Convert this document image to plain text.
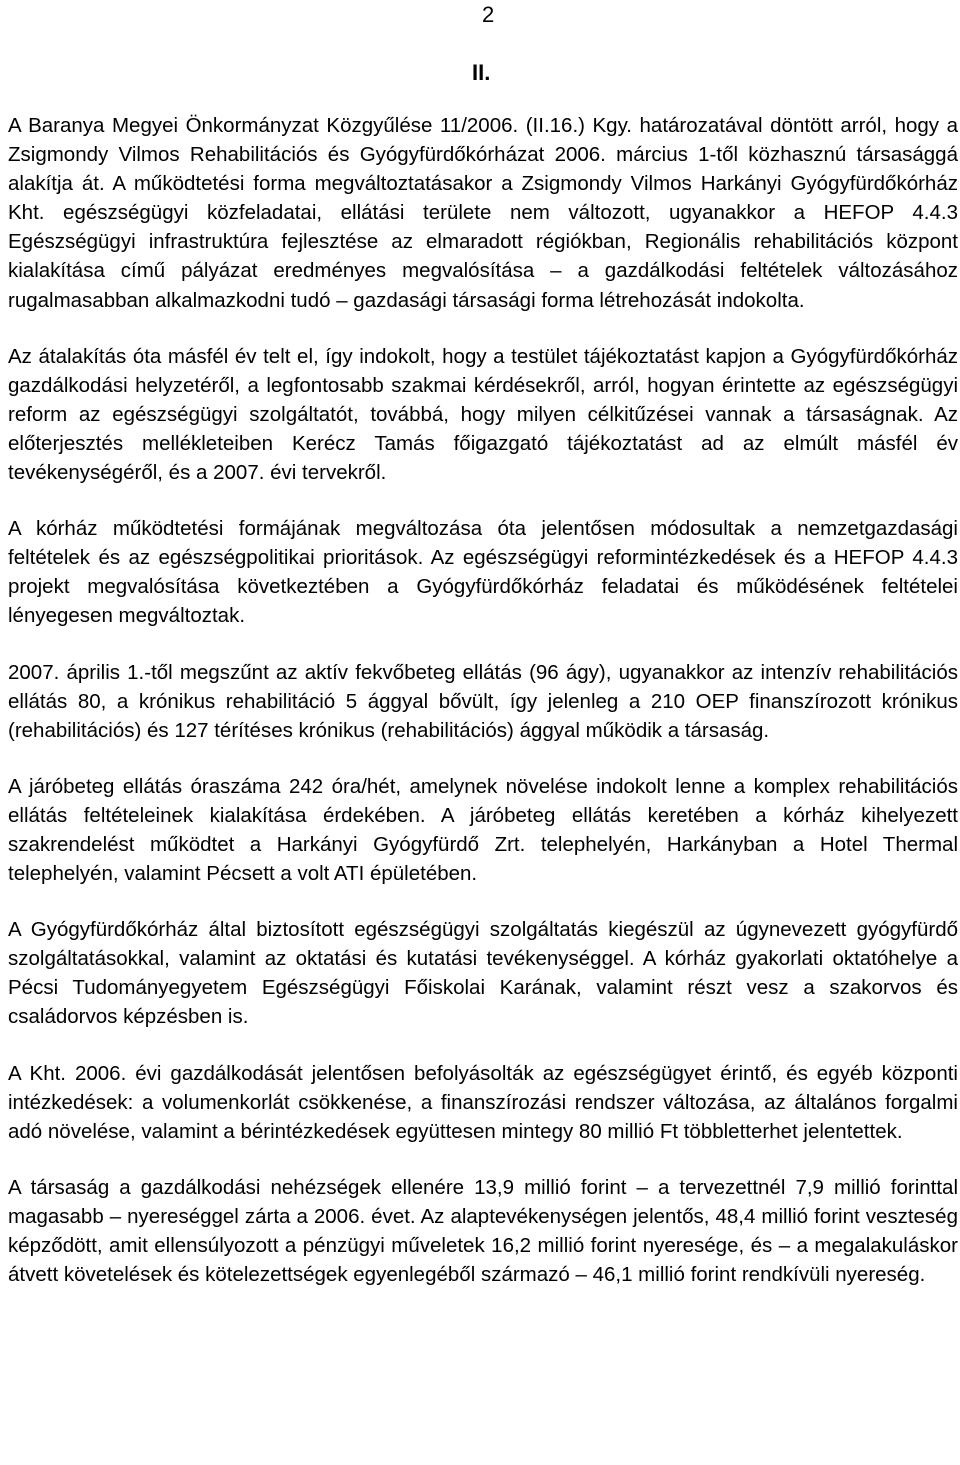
2
II.

A Baranya Megyei Önkormányzat Közgyűlése 11/2006. (II.16.) Kgy. határozatával döntött arról, hogy a Zsigmondy Vilmos Rehabilitációs és Gyógyfürdőkórházat 2006. március 1-től közhasznú társasággá alakítja át. A működtetési forma megváltoztatásakor a Zsigmondy Vilmos Harkányi Gyógyfürdőkórház Kht. egészségügyi közfeladatai, ellátási területe nem változott, ugyanakkor a HEFOP 4.4.3 Egészségügyi infrastruktúra fejlesztése az elmaradott régiókban, Regionális rehabilitációs központ kialakítása című pályázat eredményes megvalósítása – a gazdálkodási feltételek változásához rugalmasabban alkalmazkodni tudó – gazdasági társasági forma létrehozását indokolta.

Az átalakítás óta másfél év telt el, így indokolt, hogy a testület tájékoztatást kapjon a Gyógyfürdőkórház gazdálkodási helyzetéről, a legfontosabb szakmai kérdésekről, arról, hogyan érintette az egészségügyi reform az egészségügyi szolgáltatót, továbbá, hogy milyen célkitűzései vannak a társaságnak. Az előterjesztés mellékleteiben Kerécz Tamás főigazgató tájékoztatást ad az elmúlt másfél év tevékenységéről, és a 2007. évi tervekről.

A kórház működtetési formájának megváltozása óta jelentősen módosultak a nemzetgazdasági feltételek és az egészségpolitikai prioritások. Az egészségügyi reformintézkedések és a HEFOP 4.4.3 projekt megvalósítása következtében a Gyógyfürdőkórház feladatai és működésének feltételei lényegesen megváltoztak.

2007. április 1.-től megszűnt az aktív fekvőbeteg ellátás (96 ágy), ugyanakkor az intenzív rehabilitációs ellátás 80, a krónikus rehabilitáció 5 ággyal bővült, így jelenleg a 210 OEP finanszírozott krónikus (rehabilitációs) és 127 térítéses krónikus (rehabilitációs) ággyal működik a társaság.

A járóbeteg ellátás óraszáma 242 óra/hét, amelynek növelése indokolt lenne a komplex rehabilitációs ellátás feltételeinek kialakítása érdekében. A járóbeteg ellátás keretében a kórház kihelyezett szakrendelést működtet a Harkányi Gyógyfürdő Zrt. telephelyén, Harkányban a Hotel Thermal telephelyén, valamint Pécsett a volt ATI épületében.

A Gyógyfürdőkórház által biztosított egészségügyi szolgáltatás kiegészül az úgynevezett gyógyfürdő szolgáltatásokkal, valamint az oktatási és kutatási tevékenységgel. A kórház gyakorlati oktatóhelye a Pécsi Tudományegyetem Egészségügyi Főiskolai Karának, valamint részt vesz a szakorvos és családorvos képzésben is.

A Kht. 2006. évi gazdálkodását jelentősen befolyásolták az egészségügyet érintő, és egyéb központi intézkedések: a volumenkorlát csökkenése, a finanszírozási rendszer változása, az általános forgalmi adó növelése, valamint a bérintézkedések együttesen mintegy 80 millió Ft többletterhet jelentettek.

A társaság a gazdálkodási nehézségek ellenére 13,9 millió forint – a tervezettnél 7,9 millió forinttal magasabb – nyereséggel zárta a 2006. évet. Az alaptevékenységen jelentős, 48,4 millió forint veszteség képződött, amit ellensúlyozott a pénzügyi műveletek 16,2 millió forint nyeresége, és – a megalakuláskor átvett követelések és kötelezettségek egyenlegéből származó – 46,1 millió forint rendkívüli nyereség.
